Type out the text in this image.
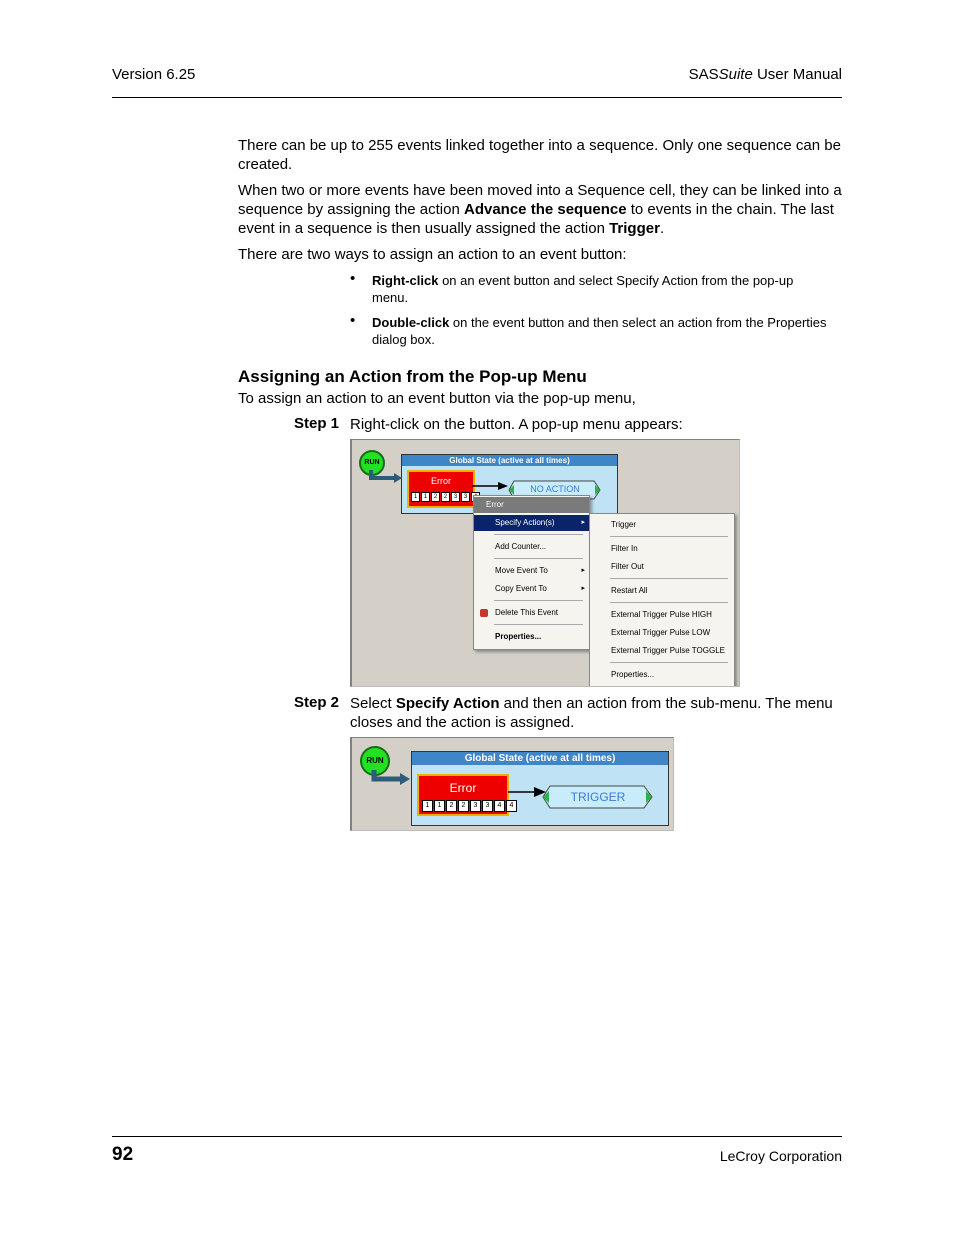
Version 6.25	SASSuite User Manual
There can be up to 255 events linked together into a sequence. Only one sequence can be created.
When two or more events have been moved into a Sequence cell, they can be linked into a sequence by assigning the action Advance the sequence to events in the chain. The last event in a sequence is then usually assigned the action Trigger.
There are two ways to assign an action to an event button:
• Right-click on an event button and select Specify Action from the pop-up menu.
• Double-click on the event button and then select an action from the Properties dialog box.
Assigning an Action from the Pop-up Menu
To assign an action to an event button via the pop-up menu,
Step 1 Right-click on the button. A pop-up menu appears:
RUN	Global State (active at all times)
Error
1	1	2	2	3	3
NO ACTION
Error
Specify Action(s)	▸
Add Counter...
Move Event To	▸
Copy Event To	▸
Delete This Event
Properties...
Trigger
Filter In
Filter Out
Restart All
External Trigger Pulse HIGH
External Trigger Pulse LOW
External Trigger Pulse TOGGLE
Properties...
Step 2 Select Specify Action and then an action from the sub-menu. The menu closes and the action is assigned.
RUN	Global State (active at all times)
Error
1	1	2	2	3	3	4	4
TRIGGER
92	LeCroy Corporation
